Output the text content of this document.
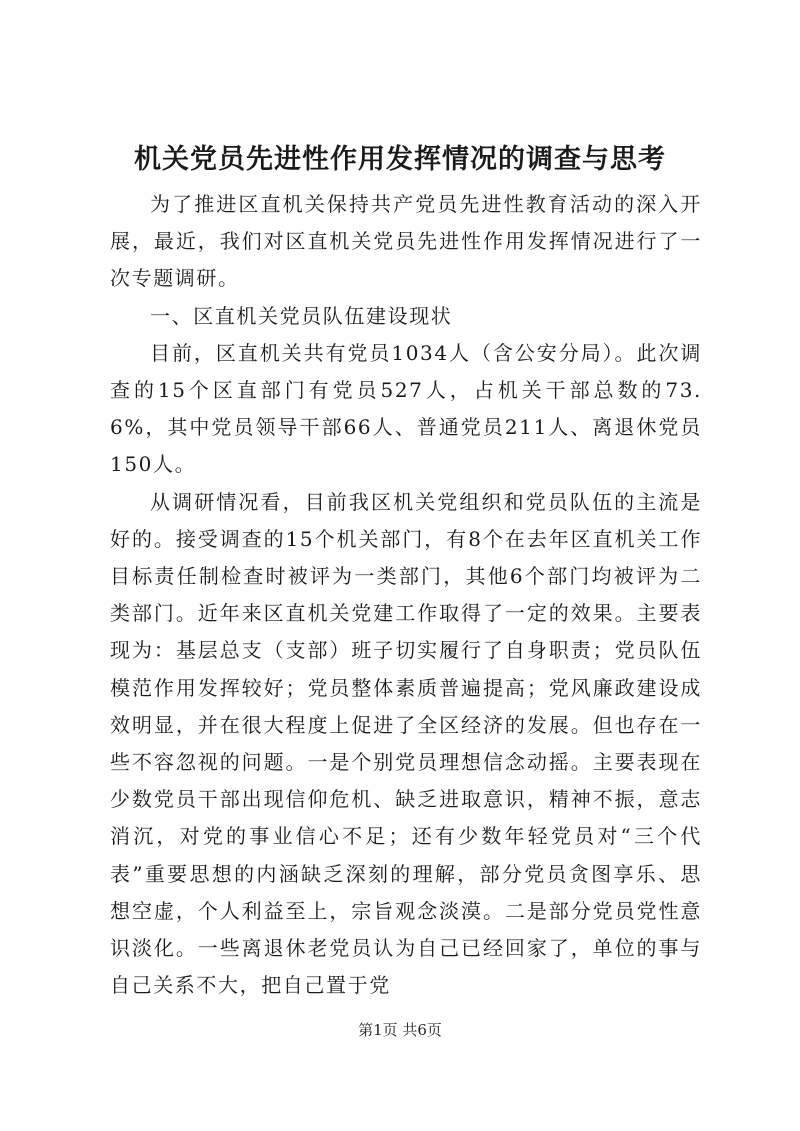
机关党员先进性作用发挥情况的调查与思考

为了推进区直机关保持共产党员先进性教育活动的深入开展，最近，我们对区直机关党员先进性作用发挥情况进行了一次专题调研。

一、区直机关党员队伍建设现状

目前，区直机关共有党员1034人（含公安分局）。此次调查的15个区直部门有党员527人，占机关干部总数的73.6%，其中党员领导干部66人、普通党员211人、离退休党员150人。

从调研情况看，目前我区机关党组织和党员队伍的主流是好的。接受调查的15个机关部门，有8个在去年区直机关工作目标责任制检查时被评为一类部门，其他6个部门均被评为二类部门。近年来区直机关党建工作取得了一定的效果。主要表现为：基层总支（支部）班子切实履行了自身职责；党员队伍模范作用发挥较好；党员整体素质普遍提高；党风廉政建设成效明显，并在很大程度上促进了全区经济的发展。但也存在一些不容忽视的问题。一是个别党员理想信念动摇。主要表现在少数党员干部出现信仰危机、缺乏进取意识，精神不振，意志消沉，对党的事业信心不足；还有少数年轻党员对“三个代表”重要思想的内涵缺乏深刻的理解，部分党员贪图享乐、思想空虚，个人利益至上，宗旨观念淡漠。二是部分党员党性意识淡化。一些离退休老党员认为自己已经回家了，单位的事与自己关系不大，把自己置于党

第1页 共6页
